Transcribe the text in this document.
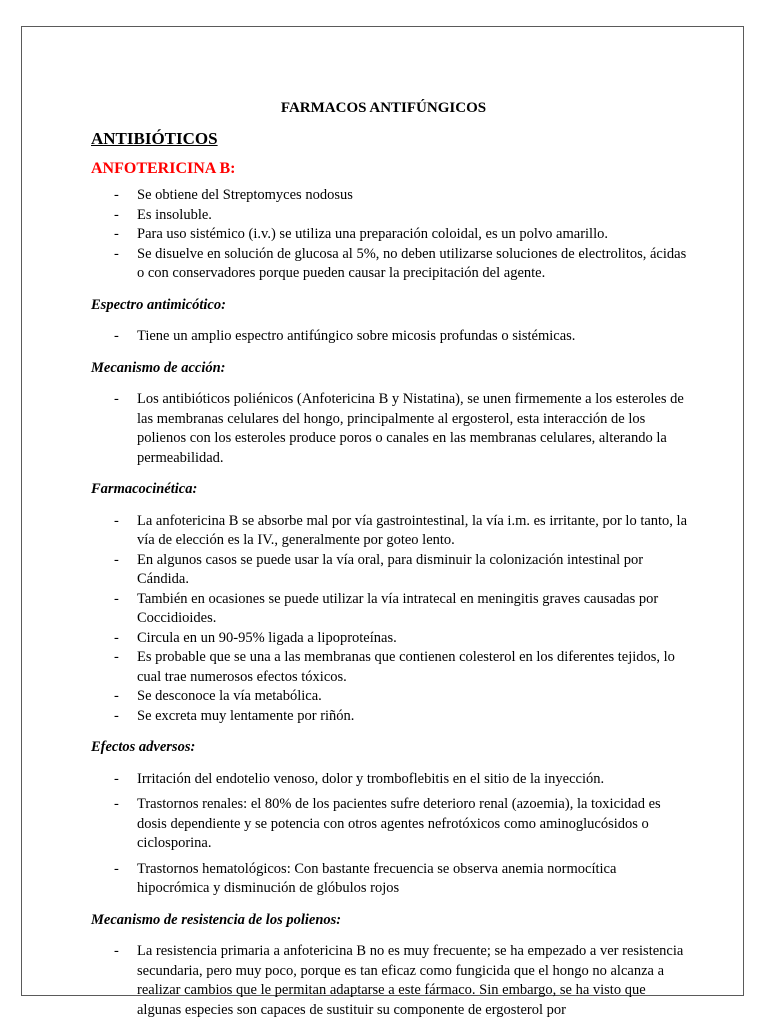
FARMACOS ANTIFÚNGICOS
ANTIBIÓTICOS
ANFOTERICINA B:
- Se obtiene del Streptomyces nodosus
- Es insoluble.
- Para uso sistémico (i.v.) se utiliza una preparación coloidal, es un polvo amarillo.
- Se disuelve en solución de glucosa al 5%, no deben utilizarse soluciones de electrolitos, ácidas o con conservadores porque pueden causar la precipitación del agente.
Espectro antimicótico:
- Tiene un amplio espectro antifúngico sobre micosis profundas o sistémicas.
Mecanismo de acción:
- Los antibióticos poliénicos (Anfotericina B y Nistatina), se unen firmemente a los esteroles de las membranas celulares del hongo, principalmente al ergosterol, esta interacción de los polienos con los esteroles produce poros o canales en las membranas celulares, alterando la permeabilidad.
Farmacocinética:
- La anfotericina B se absorbe mal por vía gastrointestinal, la vía i.m. es irritante, por lo tanto, la vía de elección es la IV., generalmente por goteo lento.
- En algunos casos se puede usar la vía oral, para disminuir la colonización intestinal por Cándida.
- También en ocasiones se puede utilizar la vía intratecal en meningitis graves causadas por Coccidioides.
- Circula en un 90-95% ligada a lipoproteínas.
- Es probable que se una a las membranas que contienen colesterol en los diferentes tejidos, lo cual trae numerosos efectos tóxicos.
- Se desconoce la vía metabólica.
- Se excreta muy lentamente por riñón.
Efectos adversos:
- Irritación del endotelio venoso, dolor y tromboflebitis en el sitio de la inyección.
- Trastornos renales: el 80% de los pacientes sufre deterioro renal (azoemia), la toxicidad es dosis dependiente y se potencia con otros agentes nefrotóxicos como aminoglucósidos o ciclosporina.
- Trastornos hematológicos: Con bastante frecuencia se observa anemia normocítica hipocrómica y disminución de glóbulos rojos
Mecanismo de resistencia de los polienos:
- La resistencia primaria a anfotericina B no es muy frecuente; se ha empezado a ver resistencia secundaria, pero muy poco, porque es tan eficaz como fungicida que el hongo no alcanza a realizar cambios que le permitan adaptarse a este fármaco. Sin embargo, se ha visto que algunas especies son capaces de sustituir su componente de ergosterol por
